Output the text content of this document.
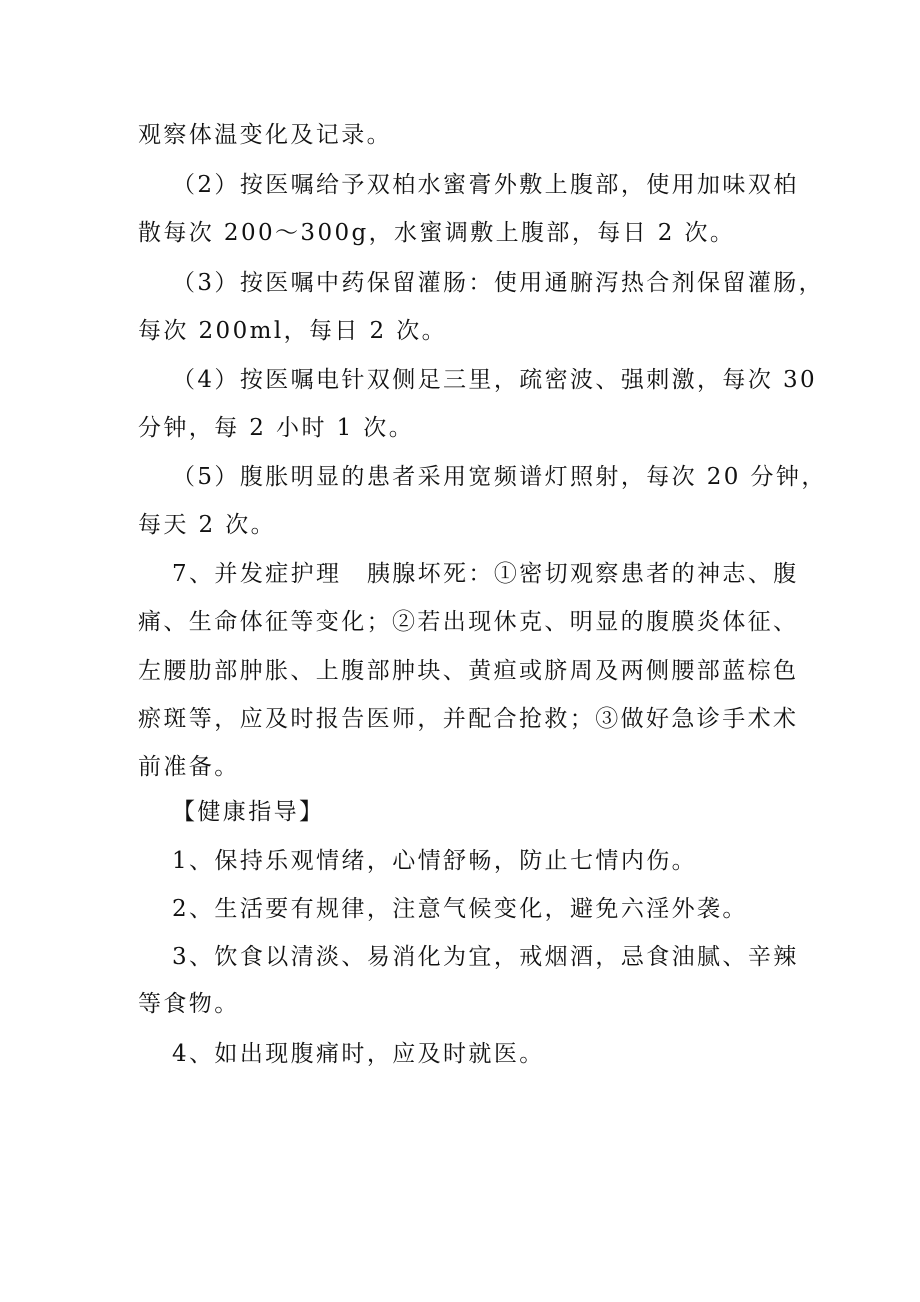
观察体温变化及记录。
（2）按医嘱给予双柏水蜜膏外敷上腹部，使用加味双柏
散每次 200～300g，水蜜调敷上腹部，每日 2 次。
（3）按医嘱中药保留灌肠：使用通腑泻热合剂保留灌肠，
每次 200ml，每日 2 次。
（4）按医嘱电针双侧足三里，疏密波、强刺激，每次 30
分钟，每 2 小时 1 次。
（5）腹胀明显的患者采用宽频谱灯照射，每次 20 分钟，
每天 2 次。
7、并发症护理　胰腺坏死：①密切观察患者的神志、腹
痛、生命体征等变化；②若出现休克、明显的腹膜炎体征、
左腰肋部肿胀、上腹部肿块、黄疸或脐周及两侧腰部蓝棕色
瘀斑等，应及时报告医师，并配合抢救；③做好急诊手术术
前准备。
【健康指导】
1、保持乐观情绪，心情舒畅，防止七情内伤。
2、生活要有规律，注意气候变化，避免六淫外袭。
3、饮食以清淡、易消化为宜，戒烟酒，忌食油腻、辛辣
等食物。
4、如出现腹痛时，应及时就医。
